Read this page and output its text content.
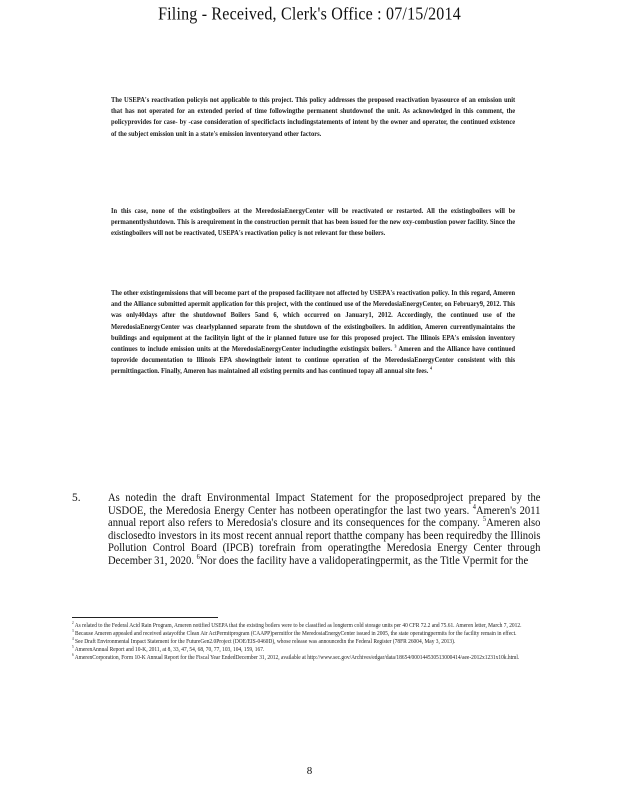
Filing - Received, Clerk's Office : 07/15/2014
The USEPA's reactivation policyis not applicable to this project. This policy addresses the proposed reactivation byasource of an emission unit that has not operated for an extended period of time followingthe permanent shutdownof the unit. As acknowledged in this comment, the policyprovides for case- by -case consideration of specificfacts includingstatements of intent by the owner and operator, the continued existence of the subject emission unit in a state's emission inventoryand other factors.
In this case, none of the existingboilers at the MeredosiaEnergyCenter will be reactivated or restarted. All the existingboilers will be permanentlyshutdown. This is arequirement in the construction permit that has been issued for the new oxy-combustion power facility. Since the existingboilers will not be reactivated, USEPA's reactivation policy is not relevant for these boilers.
The other existingemissions that will become part of the proposed facilityare not affected by USEPA's reactivation policy. In this regard, Ameren and the Alliance submitted apermit application for this project, with the continued use of the MeredosiaEnergyCenter, on February9, 2012. This was only40days after the shutdownof Boilers 5and 6, which occurred on January1, 2012. Accordingly, the continued use of the MeredosiaEnergyCenter was clearlyplanned separate from the shutdown of the existingboilers. In addition, Ameren currentlymaintains the buildings and equipment at the facilityin light of the ir planned future use for this proposed project. The Illinois EPA's emission inventory continues to include emission units at the MeredosiaEnergyCenter includingthe existingsix boilers. $^3$ Ameren and the Alliance have continued toprovide documentation to Illinois EPA showingtheir intent to continue operation of the MeredosiaEnergyCenter consistent with this permittingaction. Finally, Ameren has maintained all existing permits and has continued topay all annual site fees. $^4$
5. As notedin the draft Environmental Impact Statement for the proposedproject prepared by the USDOE, the Meredosia Energy Center has notbeen operatingfor the last two years. $^4$Ameren's 2011 annual report also refers to Meredosia's closure and its consequences for the company. $^5$Ameren also disclosedto investors in its most recent annual report thatthe company has been requiredby the Illinois Pollution Control Board (IPCB) torefrain from operatingthe Meredosia Energy Center through December 31, 2020. $^6$Nor does the facility have a validoperatingpermit, as the Title Vpermit for the

$^2$ As related to the Federal Acid Rain Program, Ameren notified USEPA that the existing boilers were to be classified as longterm cold storage units per 40 CFR 72.2 and 75.61. Ameren letter, March 7, 2012.

$^3$ Because Ameren appealed and received astayofthe Clean Air ActPermitprogram (CAAPP)permitfor the MeredosiaEnergyCenter issued in 2005, the state operatingpermits for the facility remain in effect.

$^4$ See Draft Environmental Impact Statement for the FutureGen2.0Project (DOE/EIS-0460D), whose release was announcedin the Federal Register (78FR 26004, May 3, 2013).

$^5$ AmerenAnnual Report and 10-K, 2011, at 8, 33, 47, 54, 68, 70, 77, 103, 104, 159, 167.

$^6$ AmerenCorporation, Form 10-K Annual Report for the Fiscal Year EndedDecember 31, 2012, available at http://www.sec.gov/Archives/edgar/data/18654/000144530513000414/aee-2012x1231x10k.html.

8
